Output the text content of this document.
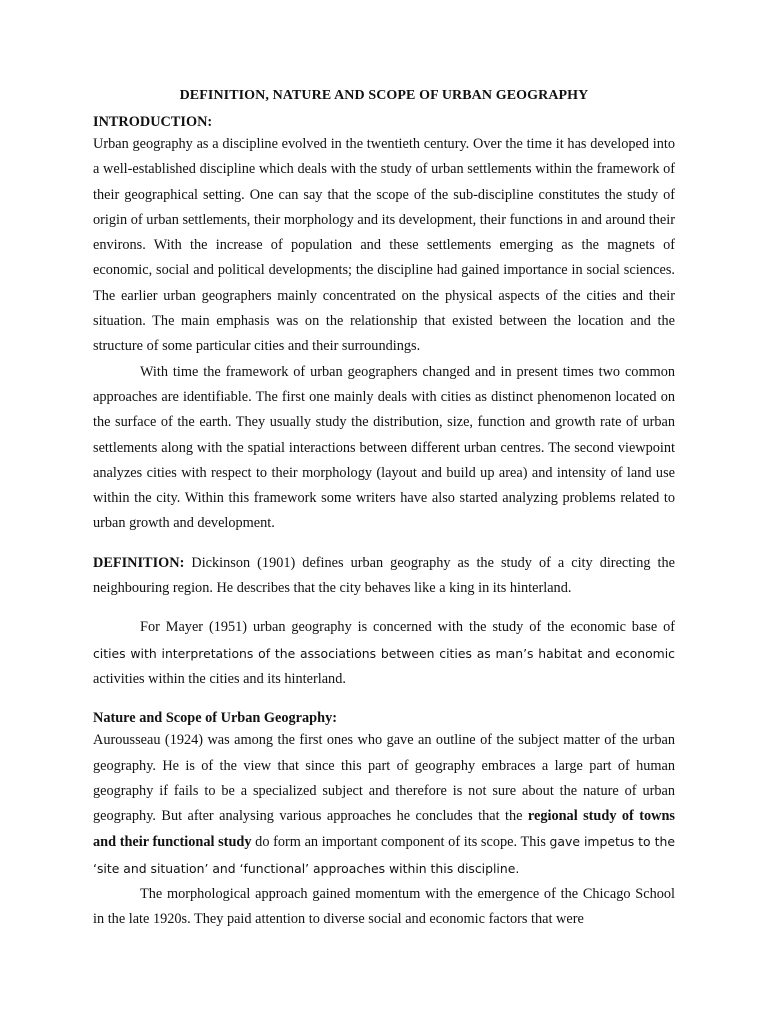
DEFINITION, NATURE AND SCOPE OF URBAN GEOGRAPHY
INTRODUCTION:

Urban geography as a discipline evolved in the twentieth century. Over the time it has developed into a well-established discipline which deals with the study of urban settlements within the framework of their geographical setting. One can say that the scope of the sub-discipline constitutes the study of origin of urban settlements, their morphology and its development, their functions in and around their environs. With the increase of population and these settlements emerging as the magnets of economic, social and political developments; the discipline had gained importance in social sciences. The earlier urban geographers mainly concentrated on the physical aspects of the cities and their situation. The main emphasis was on the relationship that existed between the location and the structure of some particular cities and their surroundings.

With time the framework of urban geographers changed and in present times two common approaches are identifiable. The first one mainly deals with cities as distinct phenomenon located on the surface of the earth. They usually study the distribution, size, function and growth rate of urban settlements along with the spatial interactions between different urban centres. The second viewpoint analyzes cities with respect to their morphology (layout and build up area) and intensity of land use within the city. Within this framework some writers have also started analyzing problems related to urban growth and development.

DEFINITION: Dickinson (1901) defines urban geography as the study of a city directing the neighbouring region. He describes that the city behaves like a king in its hinterland.

For Mayer (1951) urban geography is concerned with the study of the economic base of cities with interpretations of the associations between cities as man’s habitat and economic activities within the cities and its hinterland.

Nature and Scope of Urban Geography:

Aurousseau (1924) was among the first ones who gave an outline of the subject matter of the urban geography. He is of the view that since this part of geography embraces a large part of human geography if fails to be a specialized subject and therefore is not sure about the nature of urban geography. But after analysing various approaches he concludes that the regional study of towns and their functional study do form an important component of its scope. This gave impetus to the ‘site and situation’ and ‘functional’ approaches within this discipline.

The morphological approach gained momentum with the emergence of the Chicago School in the late 1920s. They paid attention to diverse social and economic factors that were
